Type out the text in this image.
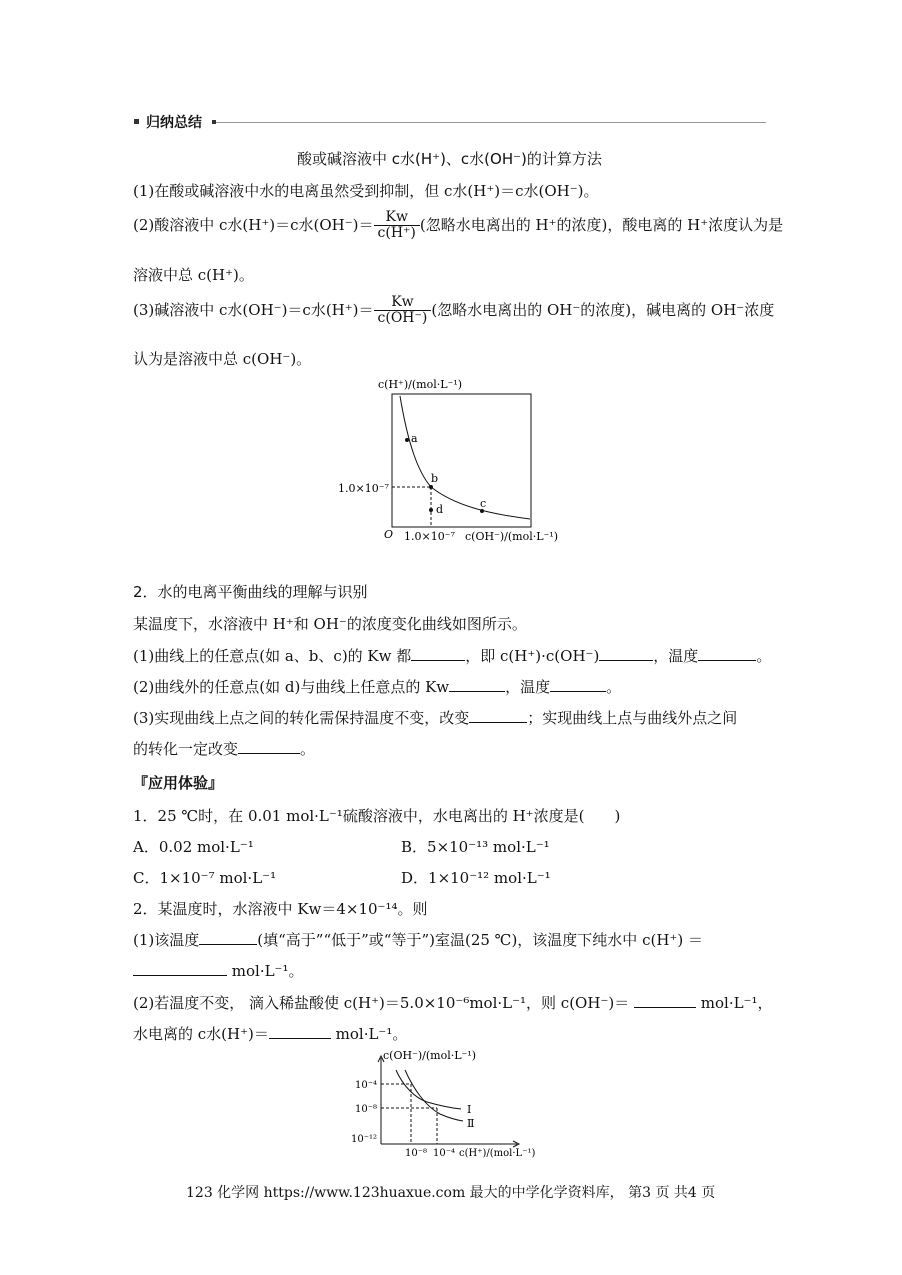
归纳总结
酸或碱溶液中 c水(H⁺)、c水(OH⁻)的计算方法
(1)在酸或碱溶液中水的电离虽然受到抑制，但 c水(H⁺)＝c水(OH⁻)。
(2)酸溶液中 c水(H⁺)＝c水$(OH^-)= \frac{Kw}{c(H^+)}$ (忽略水电离出的 H⁺的浓度)，酸电离的 H⁺浓度认为是
溶液中总 c(H⁺)。
(3)碱溶液中 c水(OH⁻)＝c水$(H^+)= \frac{Kw}{c(OH^-)}$ (忽略水电离出的 OH⁻的浓度)，碱电离的 OH⁻浓度
认为是溶液中总 c(OH⁻)。
c(H⁺)/(mol·L⁻¹)
a
b
c
d
1.0×10⁻⁷
O 1.0×10⁻⁷ c(OH⁻)/(mol·L⁻¹)
2．水的电离平衡曲线的理解与识别
某温度下，水溶液中 H⁺和 OH⁻的浓度变化曲线如图所示。
(1)曲线上的任意点(如 a、b、c)的 Kw 都	，即 c(H⁺)·c(OH⁻)	，温度	。
(2)曲线外的任意点(如 d)与曲线上任意点的 Kw	，温度	。
(3)实现曲线上点之间的转化需保持温度不变，改变	；实现曲线上点与曲线外点之间
的转化一定改变	。
『应用体验』
1．25 ℃时，在 0.01 mol·L⁻¹硫酸溶液中，水电离出的 H⁺浓度是(　　)
A．0.02 mol·L⁻¹	B．5×10⁻¹³ mol·L⁻¹
C．1×10⁻⁷ mol·L⁻¹	D．1×10⁻¹² mol·L⁻¹
2．某温度时，水溶液中 Kw＝4×10⁻¹⁴。则
(1)该温度	(填“高于”“低于”或“等于”)室温(25 ℃)，该温度下纯水中 c(H⁺) ＝
mol·L⁻¹。
(2)若温度不变， 滴入稀盐酸使 c(H⁺)＝5.0×10⁻⁶mol·L⁻¹，则 c(OH⁻)＝	mol·L⁻¹，
水电离的 c水(H⁺)＝	mol·L⁻¹。
c(OH⁻)/(mol·L⁻¹)
10⁻⁴
10⁻⁸
10⁻¹²
Ⅰ
Ⅱ
10⁻⁸ 10⁻⁴ c(H⁺)/(mol·L⁻¹)
123 化学网 https://www.123huaxue.com 最大的中学化学资料库， 第3 页 共4 页
